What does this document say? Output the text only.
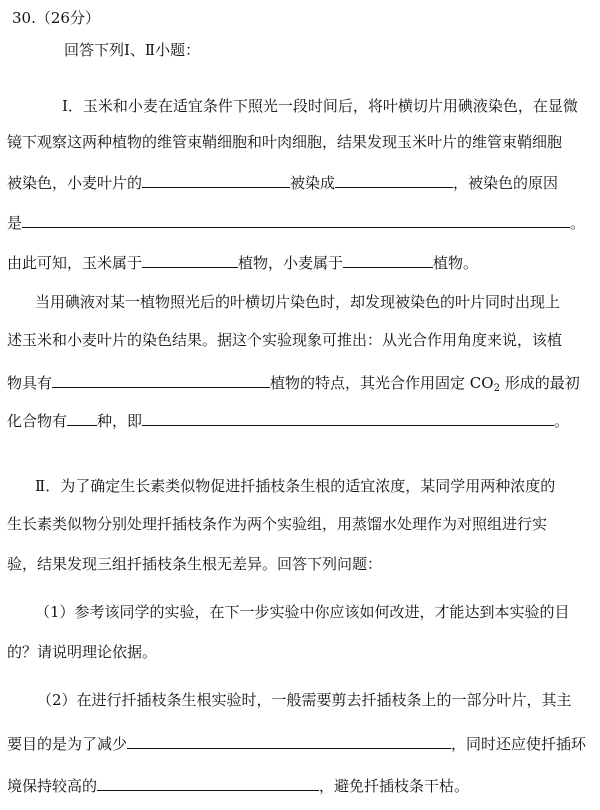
30.（26分）
回答下列Ⅰ、Ⅱ小题：
Ⅰ．玉米和小麦在适宜条件下照光一段时间后，将叶横切片用碘液染色，在显微
镜下观察这两种植物的维管束鞘细胞和叶肉细胞，结果发现玉米叶片的维管束鞘细胞
被染色，小麦叶片的	被染成	，被染色的原因
是	。
由此可知，玉米属于	植物，小麦属于	植物。
当用碘液对某一植物照光后的叶横切片染色时，却发现被染色的叶片同时出现上
述玉米和小麦叶片的染色结果。据这个实验现象可推出：从光合作用角度来说，该植
物具有	植物的特点，其光合作用固定 $CO_2$ 形成的最初
化合物有 种，即	。
Ⅱ．为了确定生长素类似物促进扦插枝条生根的适宜浓度，某同学用两种浓度的
生长素类似物分别处理扦插枝条作为两个实验组，用蒸馏水处理作为对照组进行实
验，结果发现三组扦插枝条生根无差异。回答下列问题：
（1）参考该同学的实验，在下一步实验中你应该如何改进，才能达到本实验的目
的？请说明理论依据。
（2）在进行扦插枝条生根实验时，一般需要剪去扦插枝条上的一部分叶片，其主
要目的是为了减少	，同时还应使扦插环
境保持较高的	，避免扦插枝条干枯。
